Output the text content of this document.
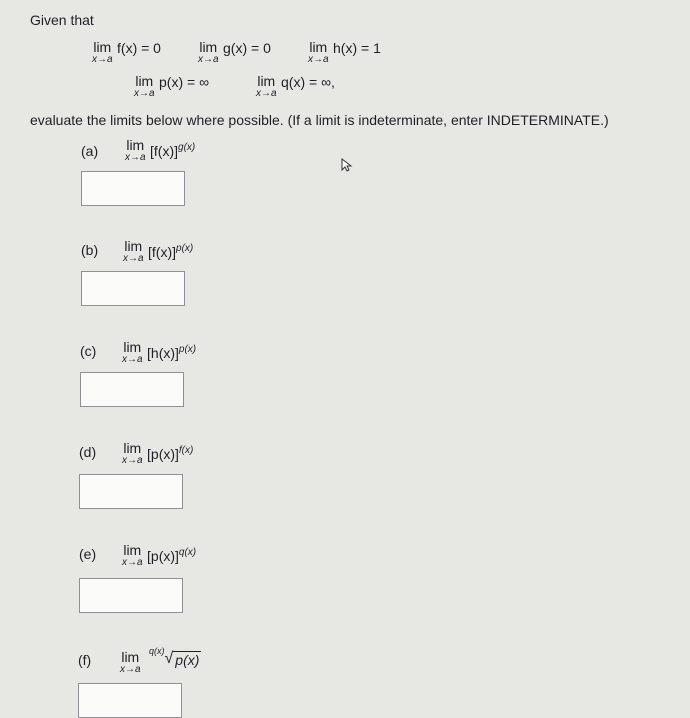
Given that
lim
x→a
f(x) = 0	lim
x→a
g(x) = 0	lim
x→a
h(x) = 1
lim
x→a
p(x) = ∞	lim
x→a
q(x) = ∞,
evaluate the limits below where possible. (If a limit is indeterminate, enter INDETERMINATE.)
(a) lim
x→a $[f(x)]^{g(x)}$
(b) lim
x→a $[f(x)]^{p(x)}$
(c) lim
x→a $[h(x)]^{p(x)}$
(d) lim
x→a $[p(x)]^{f(x)}$
(e) lim
x→a $[p(x)]^{q(x)}$
(f) lim
x→a
$^{q(x)}$√ p(x)
